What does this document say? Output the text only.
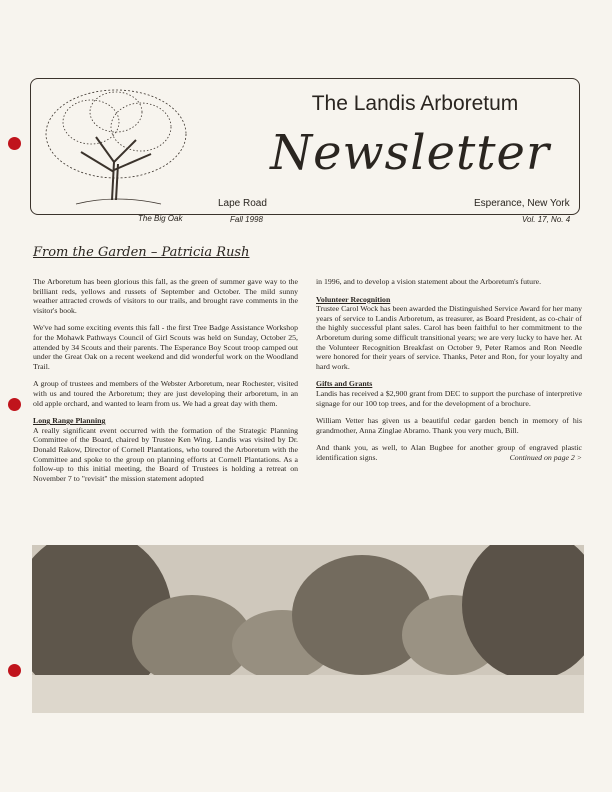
The Big Oak
The Landis Arboretum
Newsletter
Lape Road	Esperance, New York
Fall 1998	Vol. 17, No. 4
From the Garden – Patricia Rush

The Arboretum has been glorious this fall, as the green of summer gave way to the brilliant reds, yellows and russets of September and October. The mild sunny weather attracted crowds of visitors to our trails, and brought rave comments in the visitor's book.

We've had some exciting events this fall - the first Tree Badge Assistance Workshop for the Mohawk Pathways Council of Girl Scouts was held on Sunday, October 25, attended by 34 Scouts and their parents. The Esperance Boy Scout troop camped out under the Great Oak on a recent weekend and did wonderful work on the Woodland Trail.

A group of trustees and members of the Webster Arboretum, near Rochester, visited with us and toured the Arboretum; they are just developing their arboretum, in an old apple orchard, and wanted to learn from us. We had a great day with them.

Long Range Planning

A really significant event occurred with the formation of the Strategic Planning Committee of the Board, chaired by Trustee Ken Wing. Landis was visited by Dr. Donald Rakow, Director of Cornell Plantations, who toured the Arboretum with the Committee and spoke to the group on planning efforts at Cornell Plantations. As a follow-up to this initial meeting, the Board of Trustees is holding a retreat on November 7 to "revisit" the mission statement adopted

in 1996, and to develop a vision statement about the Arboretum's future.

Volunteer Recognition

Trustee Carol Wock has been awarded the Distinguished Service Award for her many years of service to Landis Arboretum, as treasurer, as Board President, as co-chair of the highly successful plant sales. Carol has been faithful to her commitment to the Arboretum during some difficult transitional years; we are very lucky to have her. At the Volunteer Recognition Breakfast on October 9, Peter Ramos and Ron Needle were honored for their years of service. Thanks, Peter and Ron, for your loyalty and hard work.

Gifts and Grants

Landis has received a $2,900 grant from DEC to support the purchase of interpretive signage for our 100 top trees, and for the development of a brochure.

William Vetter has given us a beautiful cedar garden bench in memory of his grandmother, Anna Zinglae Abramo. Thank you very much, Bill.

And thank you, as well, to Alan Bugbee for another group of engraved plastic identification signs.	Continued on page 2 >
